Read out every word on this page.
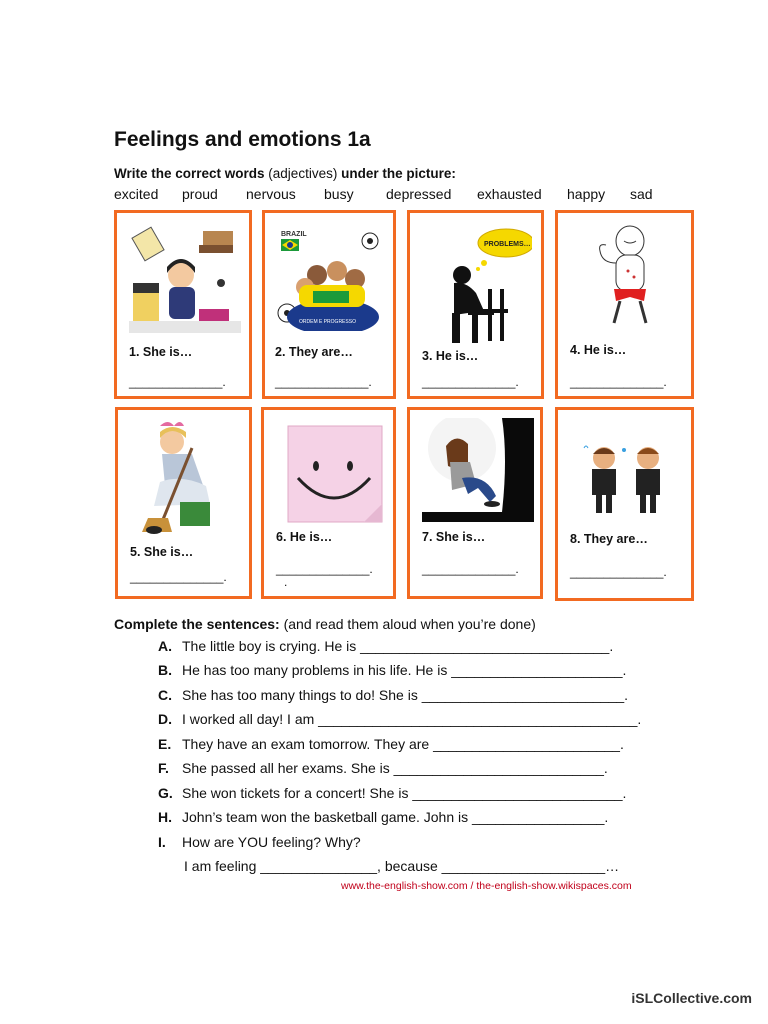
Feelings and emotions 1a
Write the correct words (adjectives) under the picture:
excited proud nervous busy depressed exhausted happy sad
1. She is…
______________.
BRAZIL
ORDEM E PROGRESSO
2. They are…
______________.
PROBLEMS…
3. He is…
______________.
4. He is…
______________.
5. She is…
______________.
6. He is…
______________.
.
7. She is…
______________.
8. They are…
______________.
Complete the sentences: (and read them aloud when you’re done)
A. The little boy is crying. He is ________________________________.
B. He has too many problems in his life. He is ______________________.
C. She has too many things to do! She is __________________________.
D. I worked all day! I am _________________________________________.
E. They have an exam tomorrow. They are ________________________.
F. She passed all her exams. She is ___________________________.
G. She won tickets for a concert! She is ___________________________.
H. John’s team won the basketball game. John is _________________.
I. How are YOU feeling? Why?
I am feeling _______________, because _____________________…
www.the-english-show.com / the-english-show.wikispaces.com
iSLCollective.com
